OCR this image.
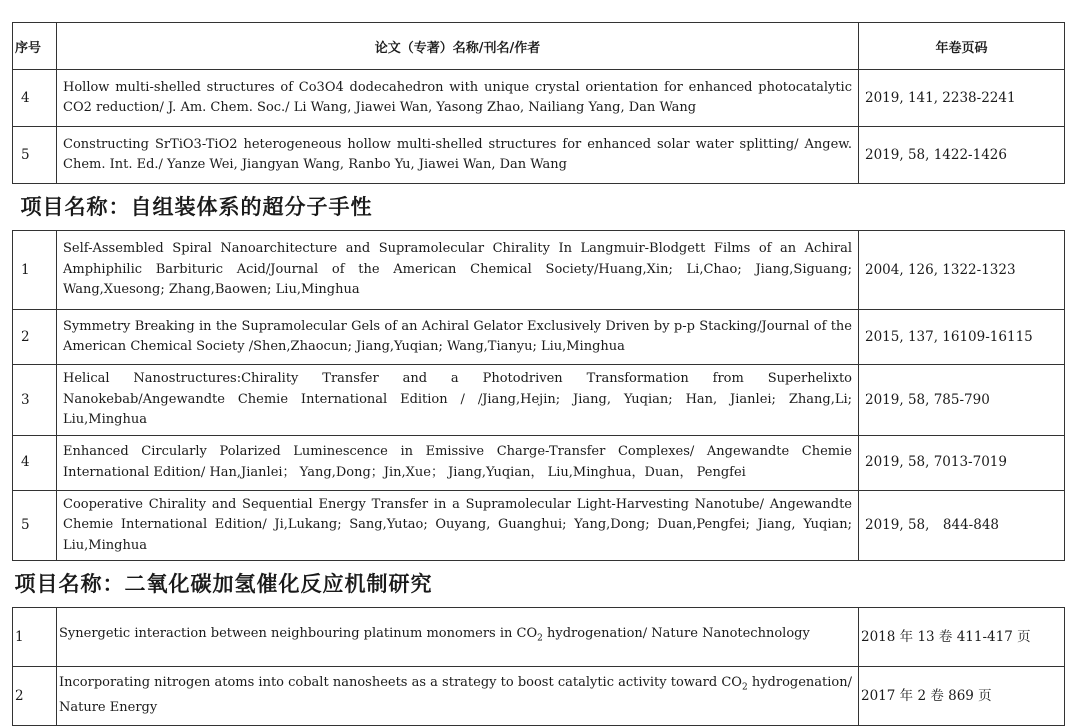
序号	论文（专著）名称/刊名/作者	年卷页码
4	Hollow multi-shelled structures of Co3O4 dodecahedron with unique crystal orientation for enhanced photocatalytic CO2 reduction/ J. Am. Chem. Soc./ Li Wang, Jiawei Wan, Yasong Zhao, Nailiang Yang, Dan Wang	2019, 141, 2238-2241
5	Constructing SrTiO3-TiO2 heterogeneous hollow multi-shelled structures for enhanced solar water splitting/ Angew. Chem. Int. Ed./ Yanze Wei, Jiangyan Wang, Ranbo Yu, Jiawei Wan, Dan Wang	2019, 58, 1422-1426
项目名称：自组装体系的超分子手性		
1	Self-Assembled Spiral Nanoarchitecture and Supramolecular Chirality In Langmuir-Blodgett Films of an Achiral Amphiphilic Barbituric Acid/Journal of the American Chemical Society/Huang,Xin; Li,Chao; Jiang,Siguang; Wang,Xuesong; Zhang,Baowen; Liu,Minghua	2004, 126, 1322-1323
2	Symmetry Breaking in the Supramolecular Gels of an Achiral Gelator Exclusively Driven by p-p Stacking/Journal of the American Chemical Society /Shen,Zhaocun; Jiang,Yuqian; Wang,Tianyu; Liu,Minghua	2015, 137, 16109-16115
3	Helical Nanostructures:Chirality Transfer and a Photodriven Transformation from Superhelixto Nanokebab/Angewandte Chemie International Edition / /Jiang,Hejin; Jiang, Yuqian; Han, Jianlei; Zhang,Li; Liu,Minghua	2019, 58, 785-790
4	Enhanced Circularly Polarized Luminescence in Emissive Charge-Transfer Complexes/ Angewandte Chemie International Edition/ Han,Jianlei； Yang,Dong；Jin,Xue； Jiang,Yuqian， Liu,Minghua，Duan， Pengfei	2019, 58, 7013-7019
5	Cooperative Chirality and Sequential Energy Transfer in a Supramolecular Light-Harvesting Nanotube/ Angewandte Chemie International Edition/ Ji,Lukang; Sang,Yutao; Ouyang, Guanghui; Yang,Dong; Duan,Pengfei; Jiang, Yuqian; Liu,Minghua	2019, 58,　844-848
项目名称：二氧化碳加氢催化反应机制研究		
1	Synergetic interaction between neighbouring platinum monomers in $CO_2$ hydrogenation/ Nature Nanotechnology	2018 年 13 卷 411-417 页
2	Incorporating nitrogen atoms into cobalt nanosheets as a strategy to boost catalytic activity toward $CO_2$ hydrogenation/ Nature Energy	2017 年 2 卷 869 页
